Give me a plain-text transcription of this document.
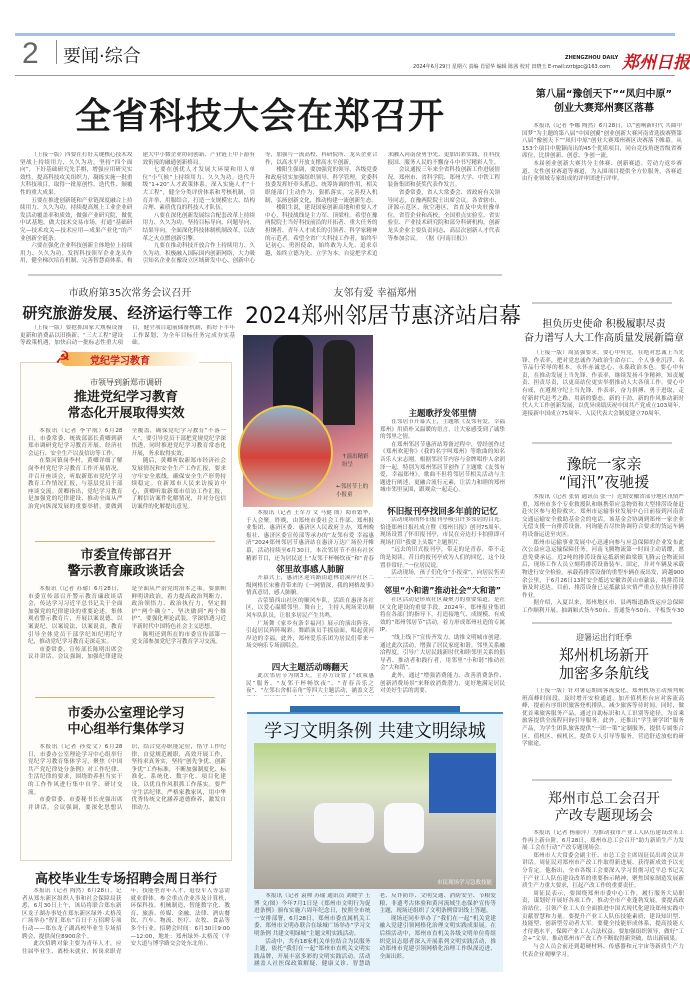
2 要闻·综合	ZHENGZHOU DAILY
2024年6月29日 星期六 责编 肖留华 编辑 陈茜 校对 田晓玉 E-mail:zzrbjpc@163.com 郑州日报
全省科技大会在郑召开

（上接一版）四要在打好关键核心技术攻坚战上持续用力、久久为功。坚持“四个面向”，下好基础研究先手棋，增强应用研究实效性，提高科技攻关组织力，凝练实施一批重大科技项目，取得一批原创性、迭代性、颠覆性的重大成果。

五要在推进创新链和产业链深度融合上持续用力、久久为功。持续提高规上工业企业研发活动覆盖率和质效，做强产业研究院，做优中试基地，做大技术交易市场，打通“基础研究—技术攻关—技术应用—成果产业化”的产业创新全链条。

六要在强化企业科技创新主体地位上持续用力、久久为功。发挥科技领军企业龙头作用，健全梯次培育机制，完善智慧商体系，构建大中小微企业协同创新、产业链上中下游有效衔接的融通创新格局。

七要在创优人才发展大环境和用人单位“小气候”上持续用力、久久为功。迭代升级“1+20”人才政策体系，深入实施人才“十大工程”，健全分类评价体系和考核机制，引育并举、用服结合，打造一支规模宏大、结构合理、素质优良的科技人才队伍。

八要在深化创新发展综合配套改革上持续用力、久久为功。坚持目标导向、问题导向、结果导向，全面深化科技体制机制改革，以改革之火点燃创新引擎。

九要在推动科技开放合作上持续用力、久久为功。积极融入国际国内创新网络，大力吸引知名企业在豫设立区域研发中心、创新中心等，加强与一流高校、科研院所、龙头企业合作，以高水平开放支撑高水平创新。

楼阳生强调，要加强党的领导，各级党委和政府切实加强组织领导、科学管理，党委科技委发挥好牵头抓总、统筹协调的作用，相关职能部门主动作为，狠抓落实，完善投入机制，弘扬创新文化，推动构建一流创新生态。

楼阳生说，建设国家创新高地和重要人才中心，科技战线是主力军、顶梁柱。希望在豫两院院士当好科技前沿的开拓者、重大任务的担纲者、青年人才成长的引领者、科学家精神的示范者。希望全省广大科技工作者，始终牢记初心、勇担使命，始终敢为人先、追求卓越，始终立德为先、立学为本，自觉把学术追求融入河南奋勇争先、更加出彩实践，在科技报国、服务人民的不懈奋斗中书写精彩人生。

会议通报三年来全省科技创新工作进展情况。郑州市、省科学院、郑州大学、中铁工程装备集团和获奖代表作发言。

省委常委，省人大常委会、省政府有关领导同志，在豫两院院士出席会议。各省辖市、济源示范区、航空港区，省直及中央驻豫单位，省管企业和高校，全国重点实验室、省实验室、产业技术研究院和部分科研机构，创新龙头企业主要负责同志，高层次创新人才代表等参加会议。 （据《河南日报》）

第八届“豫创天下”“凤归中原”
创业大赛郑州赛区落幕

本报讯（记者 李娜 陶然）6月28日，以“创响新时代 共圆中国梦”为主题的第八届“中国创翼”创业创新大赛河南省选拔赛暨第八届“豫创天下”“凤归中原”创业大赛郑州赛区决赛落下帷幕。从153个项目中脱颖而出的45个优质项目，同台竞技角逐晋级省赛席位，比拼创新、创意、争创一流。

本届创业创新大赛共分主体赛、创新赛道、劳动力返乡赛道、女性创业赛道等赛道，为入围项目提供全方位服务，各赛道由行业领域专家组成的评审团进行评审。

市政府第35次常务会议召开
研究旅游发展、经济运行等工作

（上接一版）要抢抓国家大规模设备更新和消费品以旧换新、“三大工程”建设等政策机遇，加快启动一批标志性重大项目，健全项目超前储备机制，抓好下半年工作谋划，为全年目标任务完成夯实基础。

☭ 党纪学习教育
市领导到新郑市调研
推进党纪学习教育
常态化开展取得实效

本报讯（记者 李宇航）6月28日，市委常委、统战部部长黄卿到新郑市调研党纪学习教育开展、经济社会运行、安全生产以及信访等工作。

在梨河镇岗李村，黄卿详细了解岗李村党纪学习教育工作开展情况，并召开座谈会，听取新郑市党纪学习教育工作情况汇报，与基层党员干部座谈交流。黄卿指出，党纪学习教育是加强党的纪律建设、推动全面从严治党向纵深发展的重要举措，要做到全覆盖，确保党纪学习教育“不落一人”，要引导党员干部把党规党纪学深悟透，同时推进党纪学习教育常态化开展，务求取得实效。

随后，黄卿听取新郑市经济社会发展情况和安全生产工作汇报，要求守牢安全底线，确保安全生产形势持续稳定。在新郑市人民来访接访中心，黄卿听取新郑市信访工作汇报，了解信访案件化解情况，并对分包信访案件的化解提出意见。

市委宣传部召开
警示教育廉政谈话会

本报讯（记者 苏瑜）6月28日，市委宣传部召开警示教育廉政谈话会，传达学习习近平总书记关于全面加强党的纪律建设的重要论述，集体观看警示教育片，开展以案说德、以案说纪、以案说法、以案说责，教育引导全体党员干部学纪知纪明纪守纪，推动党纪学习教育走深走实。

市委常委、宣传部长陈明出席会议并讲话。会议强调，加强纪律建设是全面从严治党的治本之策。要旗帜鲜明讲政治，着力提高政治判断力、政治领悟力、政治执行力，坚定拥护“两个确立”、坚决做到“两个维护”。要强化理论武装，学深悟透习近平新时代中国特色社会主义思想。

陈明还到所在的市委宣传部第一党支部参加党纪学习教育学习交流。

市委办公室理论学习
中心组举行集体学习

本报讯（记者 孙爱文）6月28日，市委办公室理论学习中心组举行党纪学习教育集体学习，聚焦《中国共产党纪律处分条例》对工作纪律、生活纪律的要求，围绕聆养担当实干的工作作风进行集中自学、研讨交流。

市委常委、市委秘书长虎强出席并讲话。会议强调，要深化思想认识，结合党办职能定位，恪守工作纪律，自觉规范履职，高效开展工作，坚持求真务实，坚持“创先争优、创新争优”工作标准，不断加强制度化、标准化、系统化、数字化、项目化建设，以优良作风狠抓工作落实。要严守生活纪律，严格家教家风，用中华优秀传统文化涵养道德修养，激发自律动力。

高校毕业生专场招聘会周日举行

本报讯（记者 陶然）6月28日，记者从郑东新区组织人事和社会保障局获悉，6月30日上午，该局将联合郑东新区龙子湖办事处在郑东新区绿外·太格茂广场举办“智汇郑东”百日千万招聘专项行动——郑东龙子湖高校毕业生专场招聘会，提供岗位8900余个。

此次招聘对象主要为青年人才，应往届毕业生、离校未就业、转岗求职青年，技能型青年人才，退役军人等急需就业群体。参会重点企业涉及计算机、环保科技、机械制造、智能数字化、教育、旅游、传媒、金融、法律、酒店餐饮、汽车、物流、医疗、农牧、食品等多个行业。招聘会时间：6月30日9:00—12:00，地址：郑州绿外·太格茂（平安大道与博学路交会处东北角）。

友邻有爱 幸福郑州
2024郑州邻居节惠济站启幕
↑演出精彩纷呈
←邻居节上的小报童

本报讯（记者 王军方 文 马健 图）阅市繁华，千人会聚。昨晚，由郑州市委社会工作部、郑州报业集团、惠济区委、惠济区人民政府主办，郑州晚报社、惠济区委宣传部等承办的“友邻有爱 幸福惠济”2024郑州邻居节惠济站在惠济万达广场拉开帷幕，活动持续至6月30日。本次邻居节不但有社区精彩节目，还为居民送上“友邻千杯畅饮夜”和“青春

邻里故事感人肺腑

开幕式上，惠济区迎宾路街道林语溪岸社区二级网格长宋雅青带来的《一网情深，我的网格故事》情真意切，感人肺腑。

古荥镇西山社区的顺风车队，活跃在惠济各社区，以爱心温暖邻里。舞台上，主持人现场采访顺风车队队员，让很多居民产生共鸣。

广场舞《家乡有条幸福河》展示的演出阵容，引起居民阵阵喝彩。舞蹈演员手摇扇面，唱起黄河岸边的幸福。此外，郑州爱乐乐团为居民们带来一场交响乐专场演唱会。

四大主题活动嗨翻天

此次邻居节为期3天，主办方设置了“政策惠民”服务、“友邻千杯畅饮夜”、“青春音乐之夜”、“左邻右舍相亲角”等四大主题活动，涵盖文艺

主题歌抒发邻里情

在邻居节开幕式上，主题歌《友邻有爱，幸福郑州》用质朴又温暖的语言，让大家感受到了诚挚的邻里之情。

在郑州邻居节惠济站筹备过程中，曾经创作过《郑州欢迎你》《我的名字叫郑州》等歌曲的知名音乐人宋志刚，根据邻居节内容与金牌唱作人余润泽一起，特别为郑州邻居节创作了主题歌《友邻有爱，幸福郑州》。歌曲不但将邻居节相关活动与主题进行阐述，更融合流行元素，让活力和睦的郑州城市邻里氛围，跟观众一起走心。

怀旧报刊亭找回多年前的记忆

活动现场的怀旧报刊亭吸引许多邻居的目光。恰逢郑州日报社成立暨《郑州日报》创刊75周年，现场设置了怀旧报刊亭，市民在旁边打卡拍照即可现场打印“我要上头版”主题照片。

“远去的旧式报刊亭，带走的是青春，带不走的是阅读。昔日的报刊亭成为人们的回忆，这个设置非常好。”一位居民说。

活动现场，孩子们化身“小报童”，向居民售卖

邻里“小和谐”推动社会“大和谐”

社区活动是形成社区凝聚力的重要渠道，是社区文化建设的重要手段。2024年，郑州报业集团将在各部门的指导下，打造接地气、成规模、有成效的“郑州邻居节”活动，着力形成郑州社造的专属IP。

“线上线下”宣传齐发力，助推文明城市创建。通过此次活动，增强了居民家庭和谐，邻里关系融洽程度，引导广大居民践新时代和睦邻里关系的倡导者、推动者和践行者，用邻里“小和谐”推动社会“大和谐”。

此外，通过“增强消费能力、改善消费条件、创新消费场景”来释放消费潜力，更好地满足居民对美好生活的需要。

学习文明条例 共建文明绿城
市民现场学习急救技能

本报讯（记者 袁帅 苏瑜 通讯员 刘晓宇 王博 文/图）今年7月1日是《郑州市文明行为促进条例》颁布实施六周年纪念日，按照全市统一安排部署，6月28日，郑州市委直属机关工委、郑州市文明办联合在绿城广场举办“学习文明条例 共建文明绿城”主题文明实践活动。

活动中，共有18家机关单位结合为民服务主题，依托“我们在一起”郑州市直机关文明实践品牌，开展丰富多彩的文明实践活动。活动涵盖人社医保政策解疑、健康义诊、智慧助老、反诈防诈、文明交通、消防安全、节粮爱粮、非遗考古体验和黄河流域生态保护宣传等主题，现场还组织了文明条例常识线上答题。

现场还同步举办了“我们在一起”机关党建融入党建引领网格化治理文明实践成果展。在后续活动中，郑州市直机关各级文明单位将组织党员志愿者深入开展系列文明实践活动，推动郑州市党建引领网格化治理工作纵深迈进、全面出彩。

担负历史使命 积极履职尽责
奋力谱写人大工作高质量发展新篇章

（上接一版）周富强要求，要心中有党，在绝对忠诚上当先锋、作表率，把对党忠诚作为政治生命存亡、个人事业沉浮、名节品行荣辱的根本，永怀赤诚忠心、永葆政治本色。要心中有责，在推动发展上当先锋、作表率，继续发扬斗争精神，知责履责、担责尽责，以更高站位更实举措推动人大各项工作。要心中有戒，在遵规守纪上当先锋、作表率，奋力拼搏、勇于进取，走好新时代赶考之路，用新的姿态、新的干劲、新的作风推动新时代人大工作创新发展，以优异成绩庆祝中国共产党成立103周年、迎接新中国成立75周年、人民代表大会制度建立70周年。

豫皖一家亲
“闻汛”夜驰援

本报讯（记者 张倩 通讯员 张一）近期安徽省部分地区汛情严重，郑州市多个专业救援队和继携带应急物资和大型排涝设备赶赴灾区参与抢险救灾。郑州市运输事业发展中心日前接到河南省交通运输安全救助基金会的电话，该基金会协调到郑州一家企业无偿支援一台排涝设备，问询能否尽快协调符合要求的货运车辆将设备运送至灾区。

郑州市运输事业发展中心迅速向参与应急保障的企业发布此次公益应急运输保障任务。河南飞腾物流第一时间主动请缨，愿意免费承运。近2吨的排涝设备运抵新密曲梁镇飞腾云仓物流园后，现场工作人员立刻将排涝设备装车、固定，并对车辆及承载物进行安全检验。承载着排涝设备的重型车辆在夜出发，跨越900余公里，于6月26日13时安全抵达安徽省黄山市歙县，将排涝设备及时送达。目前，排涝设备已运抵歙县灾情严重点位执行排涝作业。

据介绍，入夏以来，郑州地区市、县两级道路货运应急保障工作顺利开展。抽调厢式货车50台、普通货车50台、平板货车30

迎暑运出行旺季
郑州机场新开
加密多条航线

（上接一版）针对暑运期间客流变化，郑州机场主动预判航班高峰时间段，及时增开安检通道，加开值机柜台应对客流高峰，提前有序组织旅客登机排队，减少旅客等待时间。同时，做优首乘旅客服务产品，通过自助标识和人工识别等途径，为首乘旅客提供全流程问询引导服务。此外，还推出“学生研学团”服务产品，为学生团队旅客提供“一团一策”定制服务，提供专属集合区、值机区、候机区，提供专人引导等服务，营造舒适放松的研学旅途。

郑州市总工会召开
产改专题现场会

本报讯（记者 杨丽萍）为推动我市产业工人队伍建设改革工作再上新台阶，6月28日，郑州市总工会召开“助力新质生产力发展 工会在行动”产改专题现场会。

郑州市人大常委会副主任、市总工会主席周征民出席会议并讲话。周征民对郑州市产改工作取得新进展、获得新成效予以充分肯定。他指出，全市各级工会要深入学习贯彻习近平总书记关于产业工人队伍建设改革的重要指示精神，聚焦国家制造发展新质生产力重大要求，扛起产改工作的重要责任。

周征民表示，要围绕郑州市委中心工作，履行服务大局职责，谋划好开展好各项工作，推动全市产业蓬勃发展。要提高政治站位，引领产业工人在全面推进中国式现代化建设郑州实践中贡献智慧和力量。要提升产业工人队伍技能素质，建设知识型、技能型、创新型劳动者大军。要健全技能形成体系，提高技能人才待遇水平，保障产业工人合法权益。要加强组织领导，做好“工会+”文章，推动郑州市产改工作不断取得新突破、结出新硕果。

与会人员会前还到超硬材料、传感器和元宇宙等新质生产力代表企业观摩学习。
